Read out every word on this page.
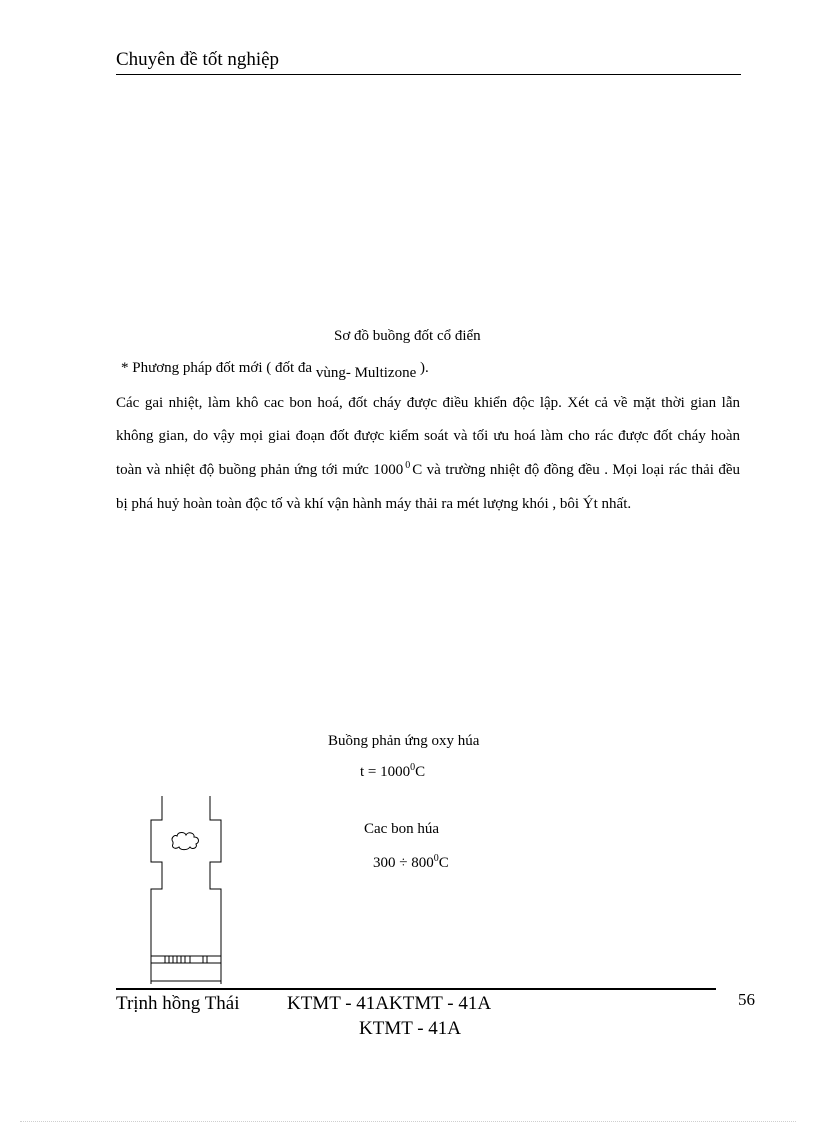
Chuyên đề tốt nghiệp
Sơ đồ buồng đốt cổ điển
* Phương pháp đốt mới ( đốt đa vùng- Multizone ).
Các gai nhiệt, làm khô cac bon hoá, đốt cháy được điều khiển độc lập. Xét cả về mặt thời gian lẫn không gian, do vậy mọi giai đoạn đốt được kiểm soát và tối ưu hoá làm cho rác được đốt cháy hoàn toàn và nhiệt độ buồng phản ứng tới mức 1000 $^0$ C và trường nhiệt độ đồng đều . Mọi loại rác thải đều bị phá huỷ hoàn toàn độc tố và khí vận hành máy thải ra mét lượng khói , bôi Ýt nhất.
Buồng phản ứng oxy húa
$t = 1000^0C$
Cac bon húa
$300 \div 800^0C$
Trịnh hồng Thái KTMT - 41AKTMT - 41A
KTMT - 41A
56
